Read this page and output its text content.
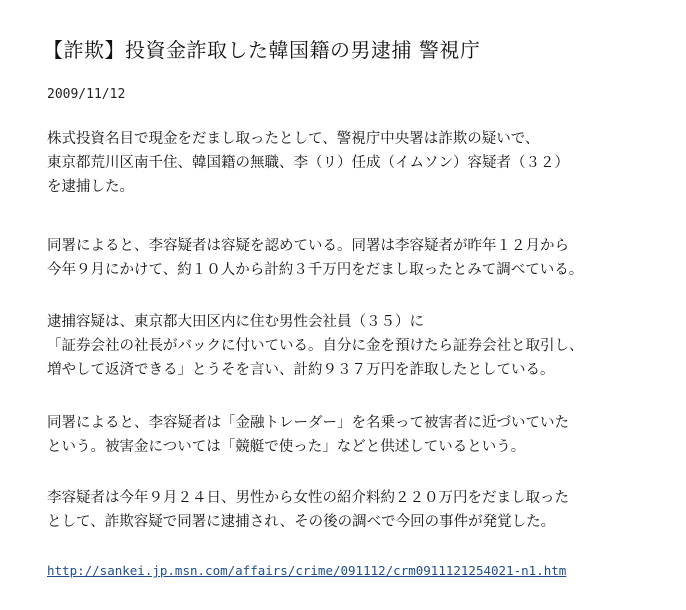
【詐欺】投資金詐取した韓国籍の男逮捕 警視庁
2009/11/12
株式投資名目で現金をだまし取ったとして、警視庁中央署は詐欺の疑いで、
東京都荒川区南千住、韓国籍の無職、李（リ）任成（イムソン）容疑者（３２）
を逮捕した。
同署によると、李容疑者は容疑を認めている。同署は李容疑者が昨年１２月から
今年９月にかけて、約１０人から計約３千万円をだまし取ったとみて調べている。
逮捕容疑は、東京都大田区内に住む男性会社員（３５）に
「証券会社の社長がバックに付いている。自分に金を預けたら証券会社と取引し、
増やして返済できる」とうそを言い、計約９３７万円を詐取したとしている。
同署によると、李容疑者は「金融トレーダー」を名乗って被害者に近づいていた
という。被害金については「競艇で使った」などと供述しているという。
李容疑者は今年９月２４日、男性から女性の紹介料約２２０万円をだまし取った
として、詐欺容疑で同署に逮捕され、その後の調べで今回の事件が発覚した。
http://sankei.jp.msn.com/affairs/crime/091112/crm0911121254021-n1.htm
